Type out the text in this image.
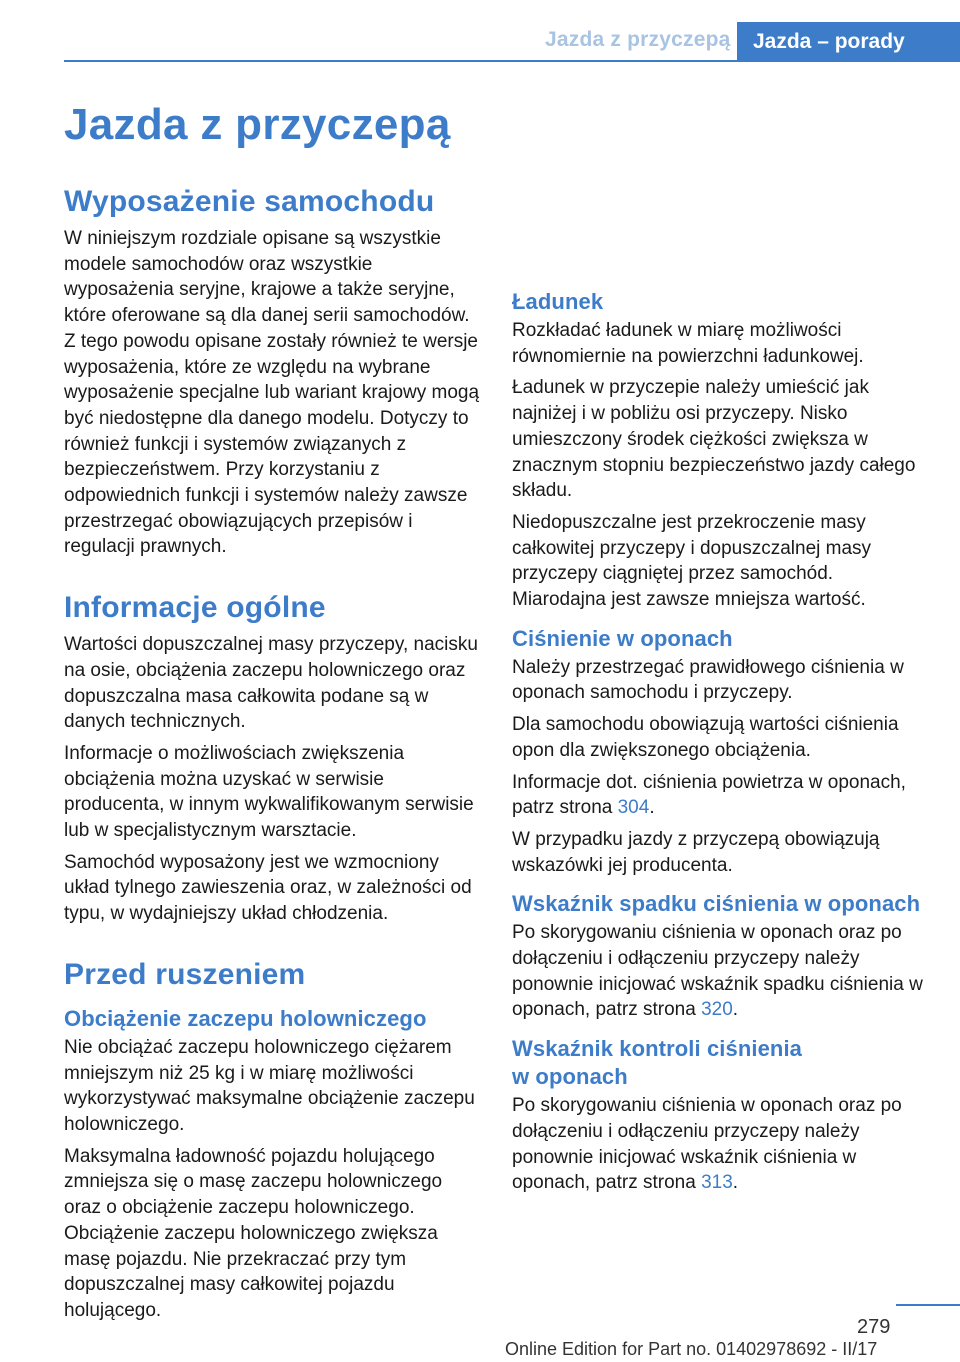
Jazda z przyczepą	Jazda – porady
Jazda z przyczepą
Wyposażenie samochodu

W niniejszym rozdziale opisane są wszystkie modele samochodów oraz wszystkie wyposażenia seryjne, krajowe a także seryjne, które oferowane są dla danej serii samochodów. Z tego powodu opisane zostały również te wersje wyposażenia, które ze względu na wybrane wyposażenie specjalne lub wariant krajowy mogą być niedostępne dla danego modelu. Dotyczy to również funkcji i systemów związanych z bezpieczeństwem. Przy korzystaniu z odpowiednich funkcji i systemów należy zawsze przestrzegać obowiązujących przepisów i regulacji prawnych.

Informacje ogólne

Wartości dopuszczalnej masy przyczepy, nacisku na osie, obciążenia zaczepu holowniczego oraz dopuszczalna masa całkowita podane są w danych technicznych.

Informacje o możliwościach zwiększenia obciążenia można uzyskać w serwisie producenta, w innym wykwalifikowanym serwisie lub w specjalistycznym warsztacie.

Samochód wyposażony jest we wzmocniony układ tylnego zawieszenia oraz, w zależności od typu, w wydajniejszy układ chłodzenia.

Przed ruszeniem
Obciążenie zaczepu holowniczego

Nie obciążać zaczepu holowniczego ciężarem mniejszym niż 25 kg i w miarę możliwości wykorzystywać maksymalne obciążenie zaczepu holowniczego.

Maksymalna ładowność pojazdu holującego zmniejsza się o masę zaczepu holowniczego oraz o obciążenie zaczepu holowniczego. Obciążenie zaczepu holowniczego zwiększa masę pojazdu. Nie przekraczać przy tym dopuszczalnej masy całkowitej pojazdu holującego.

Ładunek

Rozkładać ładunek w miarę możliwości równomiernie na powierzchni ładunkowej.

Ładunek w przyczepie należy umieścić jak najniżej i w pobliżu osi przyczepy. Nisko umieszczony środek ciężkości zwiększa w znacznym stopniu bezpieczeństwo jazdy całego składu.

Niedopuszczalne jest przekroczenie masy całkowitej przyczepy i dopuszczalnej masy przyczepy ciągniętej przez samochód. Miarodajna jest zawsze mniejsza wartość.

Ciśnienie w oponach

Należy przestrzegać prawidłowego ciśnienia w oponach samochodu i przyczepy.

Dla samochodu obowiązują wartości ciśnienia opon dla zwiększonego obciążenia.

Informacje dot. ciśnienia powietrza w oponach, patrz strona 304.

W przypadku jazdy z przyczepą obowiązują wskazówki jej producenta.

Wskaźnik spadku ciśnienia w oponach

Po skorygowaniu ciśnienia w oponach oraz po dołączeniu i odłączeniu przyczepy należy ponownie inicjować wskaźnik spadku ciśnienia w oponach, patrz strona 320.

Wskaźnik kontroli ciśnienia w oponach

Po skorygowaniu ciśnienia w oponach oraz po dołączeniu i odłączeniu przyczepy należy ponownie inicjować wskaźnik ciśnienia w oponach, patrz strona 313.

279
Online Edition for Part no. 01402978692 - II/17
